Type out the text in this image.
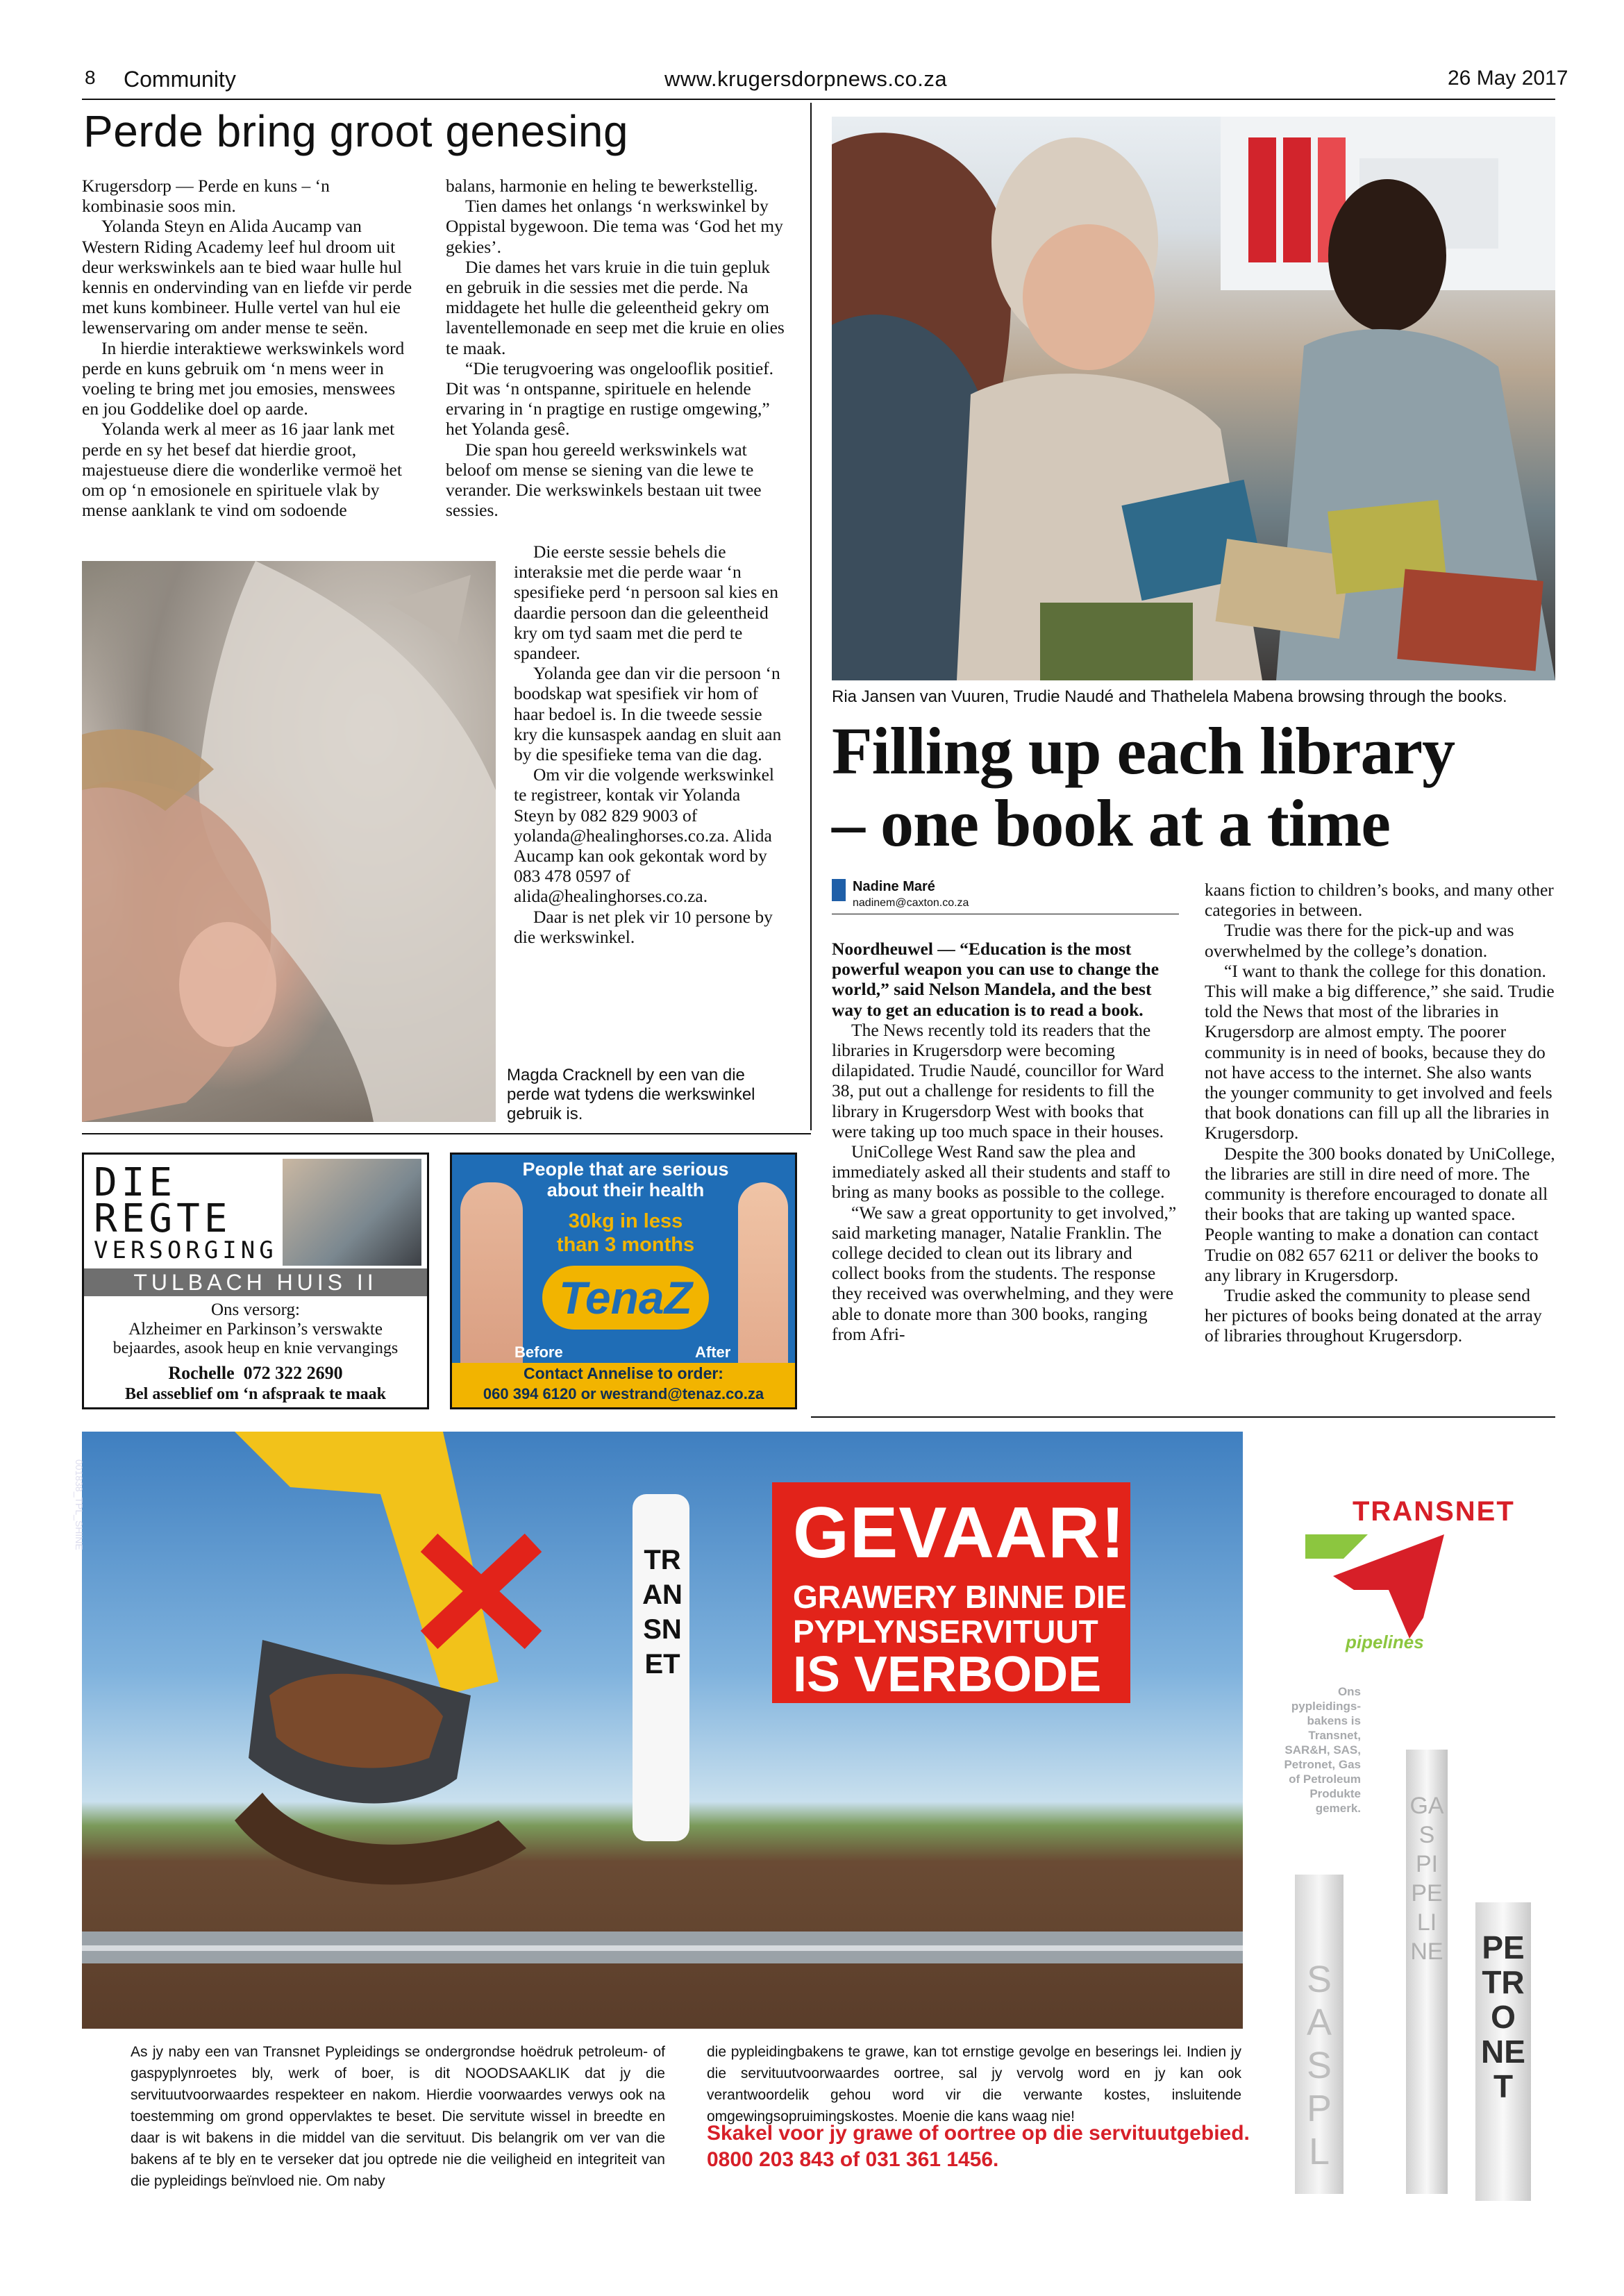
8 Community	www.krugersdorpnews.co.za	26 May 2017
Perde bring groot genesing

Krugersdorp — Perde en kuns – ‘n kombinasie soos min.

Yolanda Steyn en Alida Aucamp van Western Riding Academy leef hul droom uit deur werkswinkels aan te bied waar hulle hul kennis en ondervinding van en liefde vir perde met kuns kombineer. Hulle vertel van hul eie lewenservaring om ander mense te seën.

In hierdie interaktiewe werkswinkels word perde en kuns gebruik om ‘n mens weer in voeling te bring met jou emosies, menswees en jou Goddelike doel op aarde.

Yolanda werk al meer as 16 jaar lank met perde en sy het besef dat hierdie groot, majestueuse diere die wonderlike vermoë het om op ‘n emosionele en spirituele vlak by mense aanklank te vind om sodoende

balans, harmonie en heling te bewerkstellig.

Tien dames het onlangs ‘n werkswinkel by Oppistal bygewoon. Die tema was ‘God het my gekies’.

Die dames het vars kruie in die tuin gepluk en gebruik in die sessies met die perde. Na middagete het hulle die geleentheid gekry om laventellemonade en seep met die kruie en olies te maak.

“Die terugvoering was ongelooflik positief. Dit was ‘n ontspanne, spirituele en helende ervaring in ‘n pragtige en rustige omgewing,” het Yolanda gesê.

Die span hou gereeld werkswinkels wat beloof om mense se siening van die lewe te verander. Die werkswinkels bestaan uit twee sessies.

Die eerste sessie behels die interaksie met die perde waar ‘n spesifieke perd ‘n persoon sal kies en daardie persoon dan die geleentheid kry om tyd saam met die perd te spandeer.

Yolanda gee dan vir die persoon ‘n boodskap wat spesifiek vir hom of haar bedoel is. In die tweede sessie kry die kunsaspek aandag en sluit aan by die spesifieke tema van die dag.

Om vir die volgende werkswinkel te registreer, kontak vir Yolanda Steyn by 082 829 9003 of yolanda@healinghorses.co.za. Alida Aucamp kan ook gekontak word by 083 478 0597 of alida@healinghorses.co.za.

Daar is net plek vir 10 persone by die werkswinkel.

Magda Cracknell by een van die perde wat tydens die werkswinkel gebruik is.
Ria Jansen van Vuuren, Trudie Naudé and Thathelela Mabena browsing through the books.
Filling up each library
– one book at a time
Nadine Maré
nadinem@caxton.co.za

Noordheuwel — “Education is the most powerful weapon you can use to change the world,” said Nelson Mandela, and the best way to get an education is to read a book.

The News recently told its readers that the libraries in Krugersdorp were becoming dilapidated. Trudie Naudé, councillor for Ward 38, put out a challenge for residents to fill the library in Krugersdorp West with books that were taking up too much space in their houses.

UniCollege West Rand saw the plea and immediately asked all their students and staff to bring as many books as possible to the college.

“We saw a great opportunity to get involved,” said marketing manager, Natalie Franklin. The college decided to clean out its library and collect books from the students. The response they received was overwhelming, and they were able to donate more than 300 books, ranging from Afri-

kaans fiction to children’s books, and many other categories in between.

Trudie was there for the pick-up and was overwhelmed by the college’s donation.

“I want to thank the college for this donation. This will make a big difference,” she said. Trudie told the News that most of the libraries in Krugersdorp are almost empty. The poorer community is in need of books, because they do not have access to the internet. She also wants the younger community to get involved and feels that book donations can fill up all the libraries in Krugersdorp.

Despite the 300 books donated by UniCollege, the libraries are still in dire need of more. The community is therefore encouraged to donate all their books that are taking up wanted space. People wanting to make a donation can contact Trudie on 082 657 6211 or deliver the books to any library in Krugersdorp.

Trudie asked the community to please send her pictures of books being donated at the array of libraries throughout Krugersdorp.

DIE
REGTE
VERSORGING
TULBACH HUIS II
Ons versorg:
Alzheimer en Parkinson’s verswakte
bejaardes, asook heup en knie vervangings
Rochelle  072 322 2690
Bel asseblief om ‘n afspraak te maak
People that are serious about their health
30kg in less
than 3 months
TenaZ
Before	After
Contact Annelise to order:
060 394 6120 or westrand@tenaz.co.za
001838_TPL_SHINE
TRANSNET
GEVAAR!
GRAWERY BINNE DIE
PYPLYNSERVITUUT
IS VERBODE
TRANSNET
pipelines
Ons pypleidings-bakens is Transnet, SAR&H, SAS, Petronet, Gas of Petroleum Produkte gemerk.
SAS PL
GAS PIPELINE PETRONET
As jy naby een van Transnet Pypleidings se ondergrondse hoëdruk petroleum- of gaspyplynroetes bly, werk of boer, is dit NOODSAAKLIK dat jy die servituutvoorwaardes respekteer en nakom. Hierdie voorwaardes verwys ook na toestemming om grond oppervlaktes te beset. Die servitute wissel in breedte en daar is wit bakens in die middel van die servituut. Dis belangrik om ver van die bakens af te bly en te verseker dat jou optrede nie die veiligheid en integriteit van die pypleidings beïnvloed nie. Om naby
die pypleidingbakens te grawe, kan tot ernstige gevolge en beserings lei. Indien jy die servituutvoorwaardes oortree, sal jy vervolg word en jy kan ook verantwoordelik gehou word vir die verwante kostes, insluitende omgewingsopruimingskostes. Moenie die kans waag nie!
Skakel voor jy grawe of oortree op die servituutgebied.
0800 203 843 of 031 361 1456.
